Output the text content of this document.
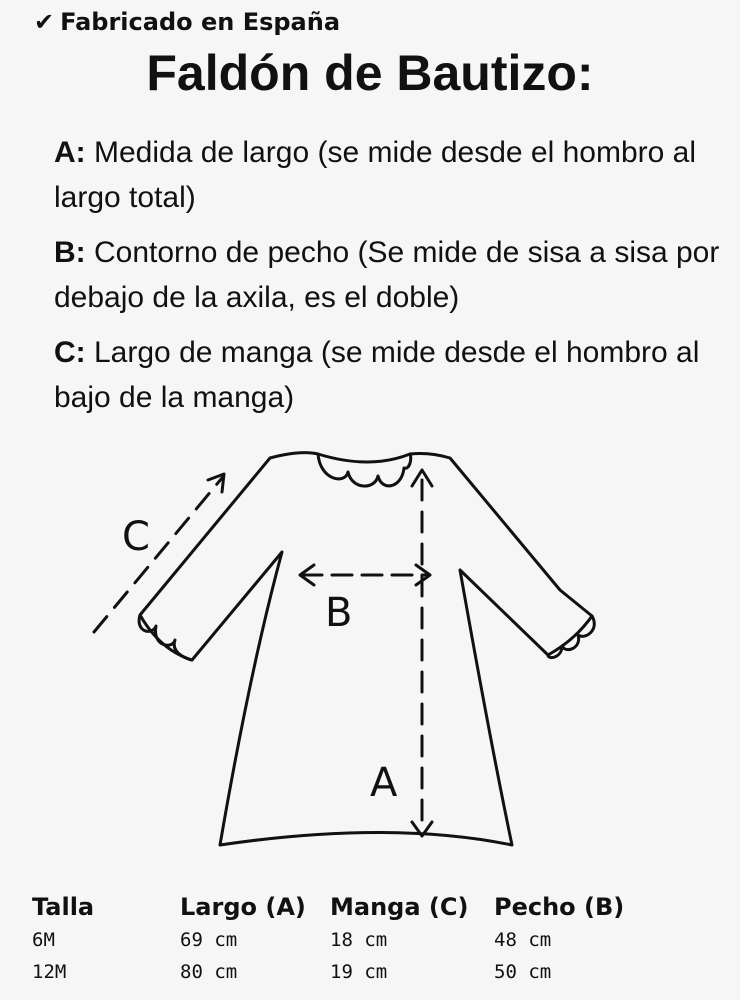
✔ Fabricado en España
Faldón de Bautizo:
A: Medida de largo (se mide desde el hombro al largo total)
B: Contorno de pecho (Se mide de sisa a sisa por debajo de la axila, es el doble)
C: Largo de manga (se mide desde el hombro al bajo de la manga)
C
B
A
Talla	Largo (A)	Manga (C)	Pecho (B)
6M	69 cm	18 cm	48 cm
12M	80 cm	19 cm	50 cm
